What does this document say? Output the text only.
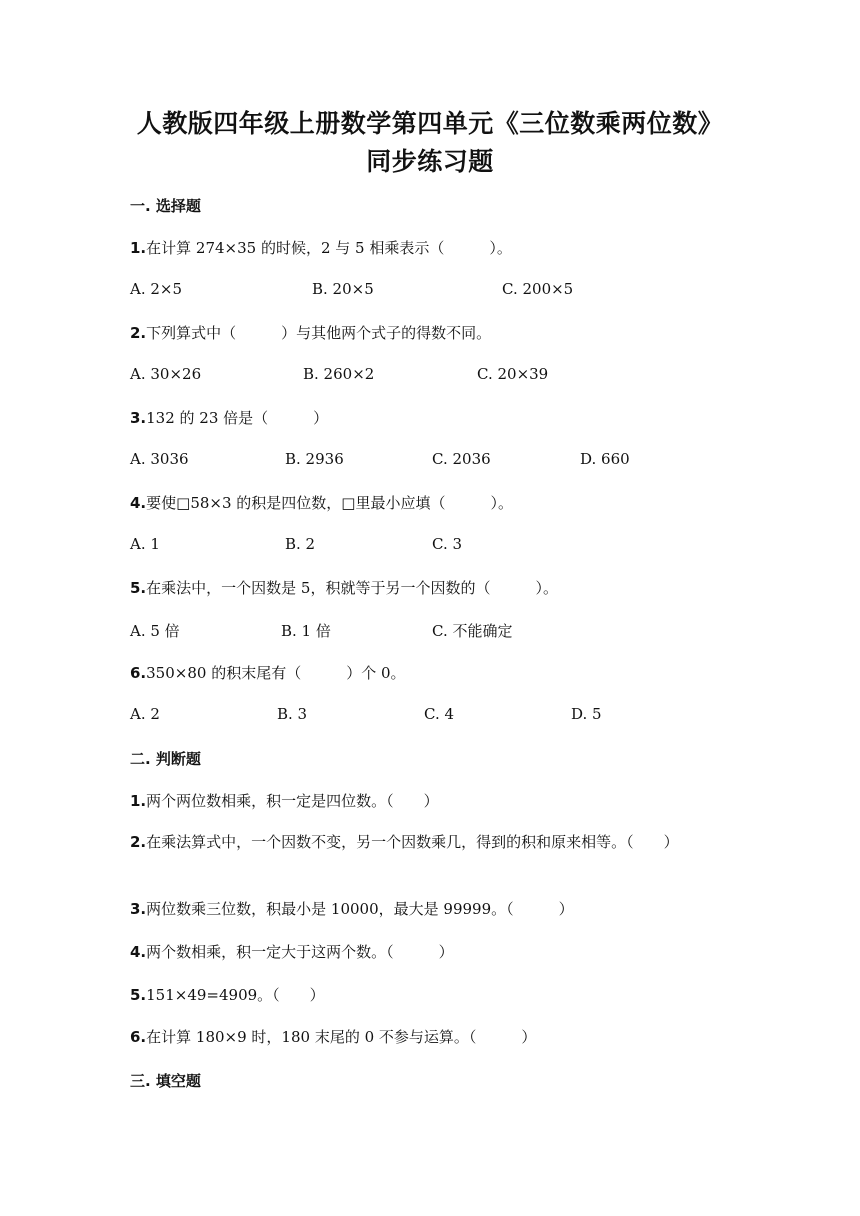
人教版四年级上册数学第四单元《三位数乘两位数》
同步练习题
一. 选择题
1.在计算 274×35 的时候，2 与 5 相乘表示（　　　）。
A. 2×5	B. 20×5	C. 200×5
2.下列算式中（　　　）与其他两个式子的得数不同。
A. 30×26	B. 260×2	C. 20×39
3.132 的 23 倍是（　　　）
A. 3036	B. 2936	C. 2036	D. 660
4.要使□58×3 的积是四位数，□里最小应填（　　　）。
A. 1	B. 2	C. 3
5.在乘法中，一个因数是 5，积就等于另一个因数的（　　　）。
A. 5 倍	B. 1 倍	C. 不能确定
6.350×80 的积末尾有（　　　）个 0。
A. 2	B. 3	C. 4	D. 5
二. 判断题
1.两个两位数相乘，积一定是四位数。（　　）
2.在乘法算式中，一个因数不变，另一个因数乘几，得到的积和原来相等。（　　）
3.两位数乘三位数，积最小是 10000，最大是 99999。（　　　）
4.两个数相乘，积一定大于这两个数。（　　　）
5.151×49=4909。（　　）
6.在计算 180×9 时，180 末尾的 0 不参与运算。（　　　）
三. 填空题
